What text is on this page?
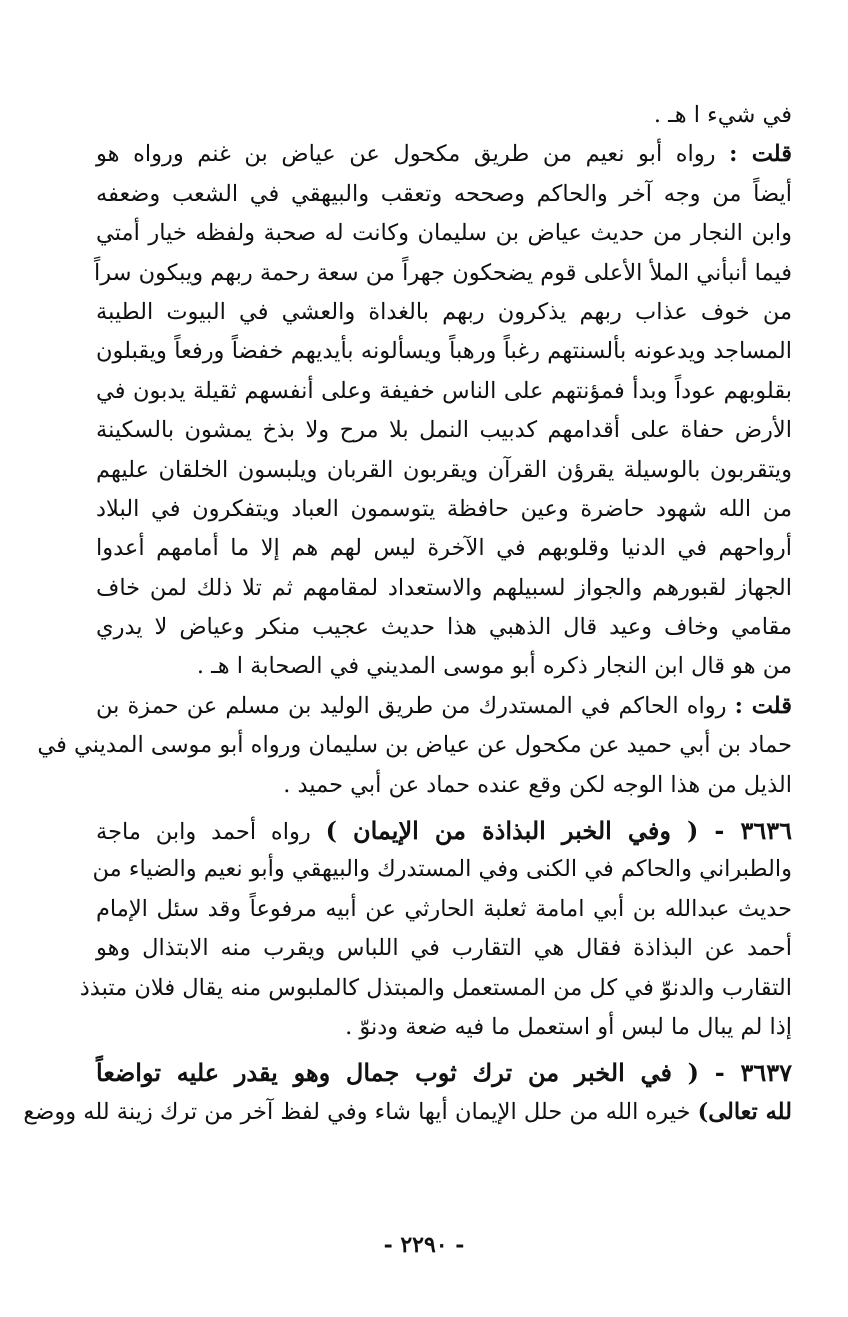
في شيء ا هـ .
قلت : رواه أبو نعيم من طريق مكحول عن عياض بن غنم ورواه هو
أيضاً من وجه آخر والحاكم وصححه وتعقب والبيهقي في الشعب وضعفه
وابن النجار من حديث عياض بن سليمان وكانت له صحبة ولفظه خيار أمتي
فيما أنبأني الملأ الأعلى قوم يضحكون جهراً من سعة رحمة ربهم ويبكون سراً
من خوف عذاب ربهم يذكرون ربهم بالغداة والعشي في البيوت الطيبة
المساجد ويدعونه بألسنتهم رغباً ورهباً ويسألونه بأيديهم خفضاً ورفعاً ويقبلون
بقلوبهم عوداً وبدأ فمؤنتهم على الناس خفيفة وعلى أنفسهم ثقيلة يدبون في
الأرض حفاة على أقدامهم كدبيب النمل بلا مرح ولا بذخ يمشون بالسكينة
ويتقربون بالوسيلة يقرؤن القرآن ويقربون القربان ويلبسون الخلقان عليهم
من الله شهود حاضرة وعين حافظة يتوسمون العباد ويتفكرون في البلاد
أرواحهم في الدنيا وقلوبهم في الآخرة ليس لهم هم إلا ما أمامهم أعدوا
الجهاز لقبورهم والجواز لسبيلهم والاستعداد لمقامهم ثم تلا ذلك لمن خاف
مقامي وخاف وعيد قال الذهبي هذا حديث عجيب منكر وعياض لا يدري
من هو قال ابن النجار ذكره أبو موسى المديني في الصحابة ا هـ .
قلت : رواه الحاكم في المستدرك من طريق الوليد بن مسلم عن حمزة بن
حماد بن أبي حميد عن مكحول عن عياض بن سليمان ورواه أبو موسى المديني في
الذيل من هذا الوجه لكن وقع عنده حماد عن أبي حميد .
٣٦٣٦ - ( وفي الخبر البذاذة من الإيمان ) رواه أحمد وابن ماجة
والطبراني والحاكم في الكنى وفي المستدرك والبيهقي وأبو نعيم والضياء من
حديث عبدالله بن أبي امامة ثعلبة الحارثي عن أبيه مرفوعاً وقد سئل الإمام
أحمد عن البذاذة فقال هي التقارب في اللباس ويقرب منه الابتذال وهو
التقارب والدنوّ في كل من المستعمل والمبتذل كالملبوس منه يقال فلان متبذذ
إذا لم يبال ما لبس أو استعمل ما فيه ضعة ودنوّ .
٣٦٣٧ - ( في الخبر من ترك ثوب جمال وهو يقدر عليه تواضعاً
لله تعالى) خيره الله من حلل الإيمان أيها شاء وفي لفظ آخر من ترك زينة لله ووضع
- ٢٢٩٠ -
